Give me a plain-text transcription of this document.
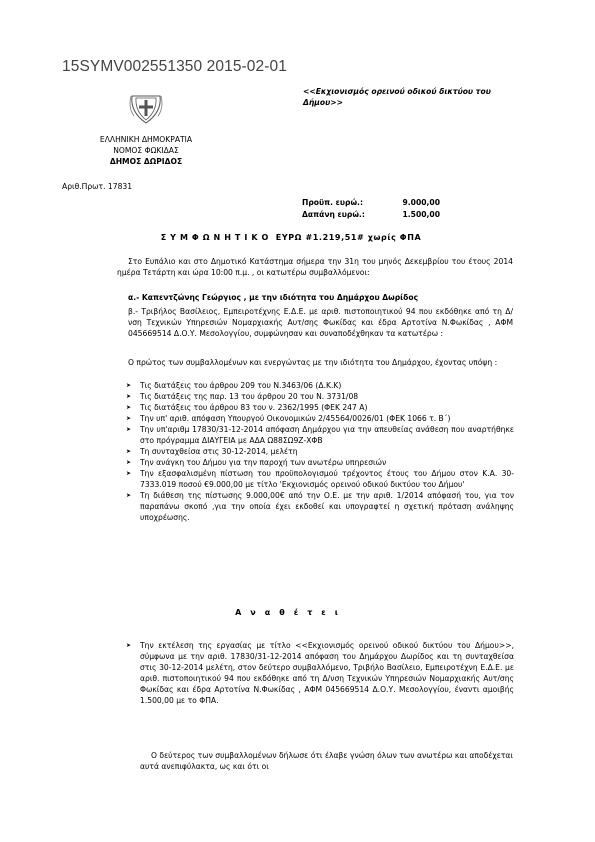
15SYMV002551350 2015-02-01
<<Εκχιονισμός ορεινού οδικού δικτύου του Δήμου>>
ΕΛΛΗΝΙΚΗ ΔΗΜΟΚΡΑΤΙΑ
ΝΟΜΟΣ ΦΩΚΙΔΑΣ
ΔΗΜΟΣ ΔΩΡΙΔΟΣ
Αριθ.Πρωτ. 17831
Προϋπ. ευρώ.:	9.000,00
Δαπάνη ευρώ.:	1.500,00
ΣΥΜΦΩΝΗΤΙΚΟ ΕΥΡΩ #1.219,51# χωρίς ΦΠΑ
Στο Ευπάλιο και στο Δημοτικό Κατάστημα σήμερα την 31η του μηνός Δεκεμβρίου του έτους 2014 ημέρα Τετάρτη και ώρα 10:00 π.μ. , οι κατωτέρω συμβαλλόμενοι:
α.- Καπεντζώνης Γεώργιος , με την ιδιότητα του Δημάρχου Δωρίδος
β.- Τριβήλος Βασίλειος, Εμπειροτέχνης Ε.Δ.Ε. με αριθ. πιστοποιητικού 94 που εκδόθηκε από τη Δ/νση Τεχνικών Υπηρεσιών Νομαρχιακής Αυτ/σης Φωκίδας και έδρα Αρτοτίνα Ν.Φωκίδας , ΑΦΜ 045669514 Δ.Ο.Υ. Μεσολογγίου, συμφώνησαν και συναποδέχθηκαν τα κατωτέρω :
Ο πρώτος των συμβαλλομένων και ενεργώντας με την ιδιότητα του Δημάρχου, έχοντας υπόψη :
➤	Τις διατάξεις του άρθρου 209 του Ν.3463/06 (Δ.Κ.Κ)
➤	Τις διατάξεις της παρ. 13 του άρθρου 20 του Ν. 3731/08
➤	Τις διατάξεις του άρθρου 83 του ν. 2362/1995 (ΦΕΚ 247 Α)
➤	Την υπ' αριθ. απόφαση Υπουργού Οικονομικών 2/45564/0026/01 (ΦΕΚ 1066 τ. Β΄)
➤	Την υπ'αριθμ 17830/31-12-2014 απόφαση Δημάρχου για την απευθείας ανάθεση που αναρτήθηκε στο πρόγραμμα ΔΙΑΥΓΕΙΑ με ΑΔΑ Ω88ΣΩ9Ζ-ΧΦΒ
➤	Τη συνταχθείσα στις 30-12-2014, μελέτη
➤	Την ανάγκη του Δήμου για την παροχή των ανωτέρω υπηρεσιών
➤	Την εξασφαλισμένη πίστωση του προϋπολογισμού τρέχοντος έτους του Δήμου στον Κ.Α. 30-7333.019 ποσού €9.000,00 με τίτλο 'Εκχιονισμός ορεινού οδικού δικτύου του Δήμου'
➤	Τη διάθεση της πίστωσης 9.000,00€ από την Ο.Ε. με την αριθ. 1/2014 απόφασή του, για τον παραπάνω σκοπό ,για την οποία έχει εκδοθεί και υπογραφτεί η σχετική πρόταση ανάληψης υποχρέωσης.
Αναθέτει
➤	Την εκτέλεση της εργασίας με τίτλο <<Εκχιονισμός ορεινού οδικού δικτύου του Δήμου>>, σύμφωνα με την αριθ. 17830/31-12-2014 απόφαση του Δημάρχου Δωρίδος και τη συνταχθείσα στις 30-12-2014 μελέτη, στον δεύτερο συμβαλλόμενο, Τριβήλο Βασίλειο, Εμπειροτέχνη Ε.Δ.Ε. με αριθ. πιστοποιητικού 94 που εκδόθηκε από τη Δ/νση Τεχνικών Υπηρεσιών Νομαρχιακής Αυτ/σης Φωκίδας και έδρα Αρτοτίνα Ν.Φωκίδας , ΑΦΜ 045669514 Δ.Ο.Υ. Μεσολογγίου, έναντι αμοιβής 1.500,00 με το ΦΠΑ.
Ο δεύτερος των συμβαλλομένων δήλωσε ότι έλαβε γνώση όλων των ανωτέρω και αποδέχεται αυτά ανεπιφύλακτα, ως και ότι οι
